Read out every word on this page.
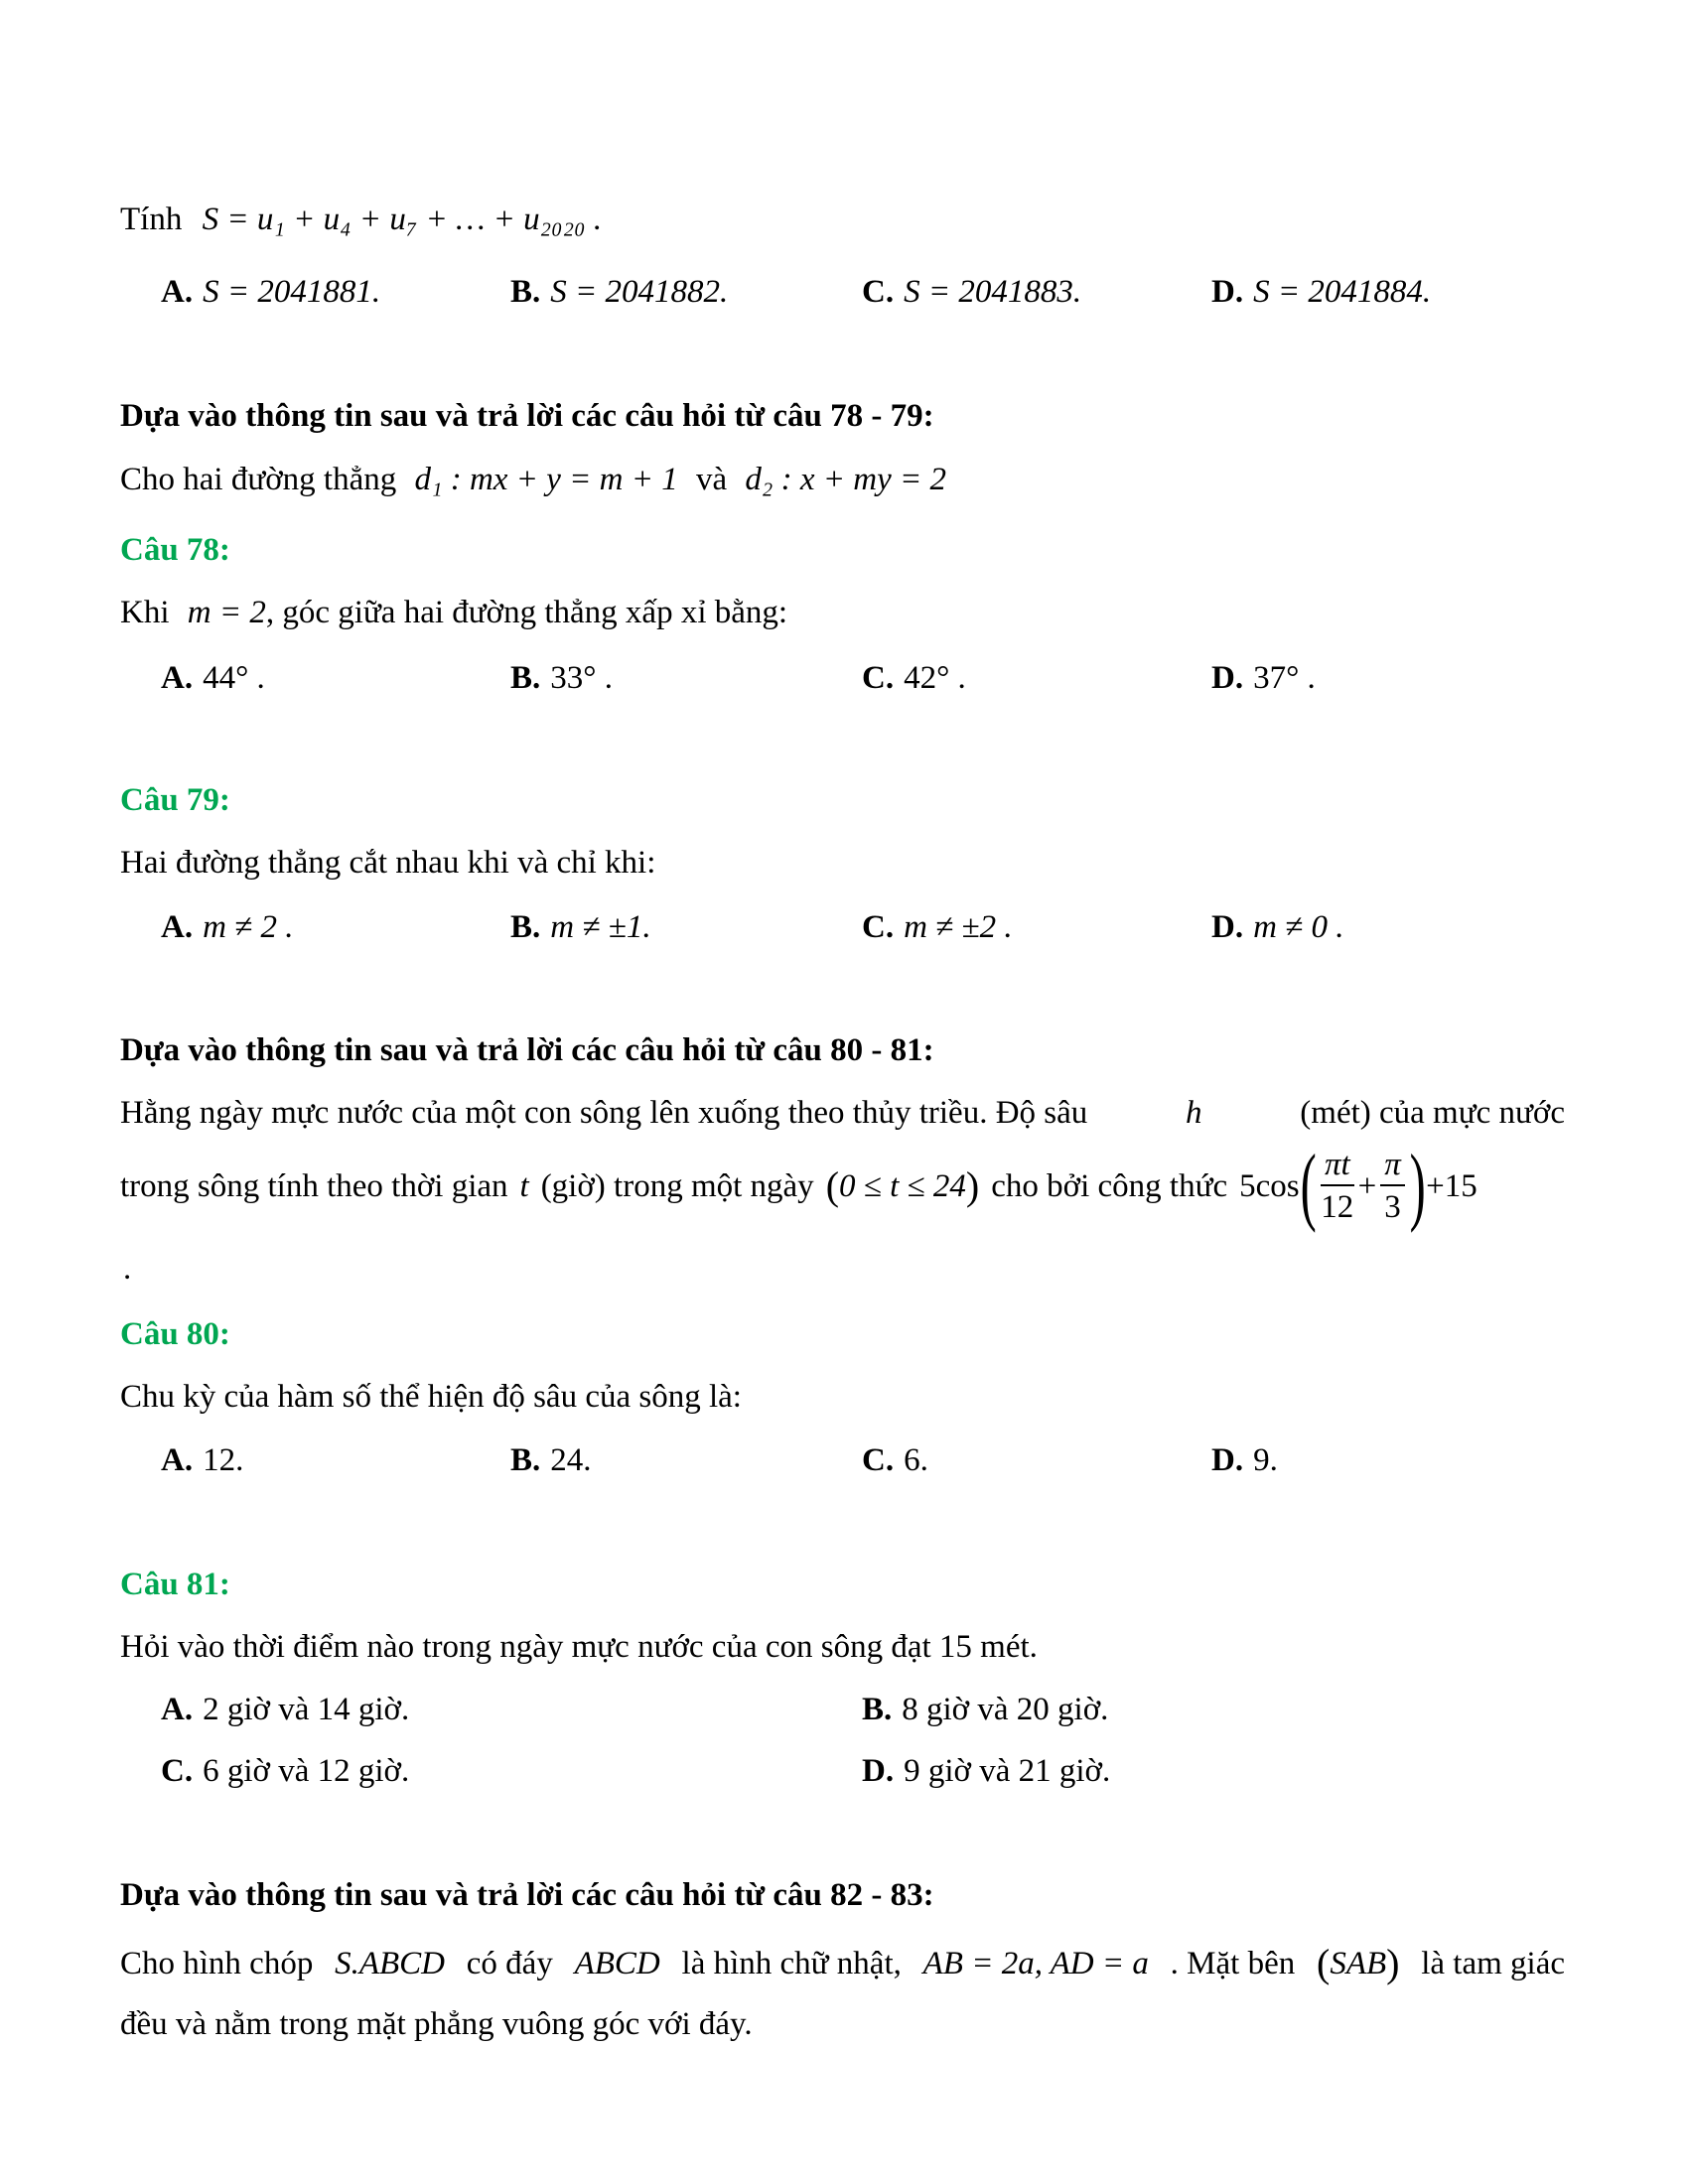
Tính S = u₁ + u₄ + u₇ + … + u₂₀₂₀ .
A. S = 2041881.	B. S = 2041882.	C. S = 2041883.	D. S = 2041884.
Dựa vào thông tin sau và trả lời các câu hỏi từ câu 78 - 79:
Cho hai đường thẳng d₁ : mx + y = m + 1 và d₂ : x + my = 2
Câu 78:
Khi m = 2, góc giữa hai đường thẳng xấp xỉ bằng:
A. 44° .	B. 33° .	C. 42° .	D. 37° .
Câu 79:
Hai đường thẳng cắt nhau khi và chỉ khi:
A. m ≠ 2 .	B. m ≠ ±1.	C. m ≠ ±2 .	D. m ≠ 0 .
Dựa vào thông tin sau và trả lời các câu hỏi từ câu 80 - 81:
Hằng ngày mực nước của một con sông lên xuống theo thủy triều. Độ sâu	h	(mét) của mực nước
trong sông tính theo thời gian t (giờ) trong một ngày ( 0 ≤ t ≤ 24 ) cho bởi công thức 5cos ( $\frac{\pi t}{12} + \frac{\pi}{3}$ ) +15
.
Câu 80:
Chu kỳ của hàm số thể hiện độ sâu của sông là:
A. 12.	B. 24.	C. 6.	D. 9.
Câu 81:
Hỏi vào thời điểm nào trong ngày mực nước của con sông đạt 15 mét.
A. 2 giờ và 14 giờ.	B. 8 giờ và 20 giờ.
C. 6 giờ và 12 giờ.	D. 9 giờ và 21 giờ.
Dựa vào thông tin sau và trả lời các câu hỏi từ câu 82 - 83:
Cho hình chóp S.ABCD có đáy ABCD là hình chữ nhật, AB = 2a, AD = a . Mặt bên (SAB) là tam giác
đều và nằm trong mặt phẳng vuông góc với đáy.
